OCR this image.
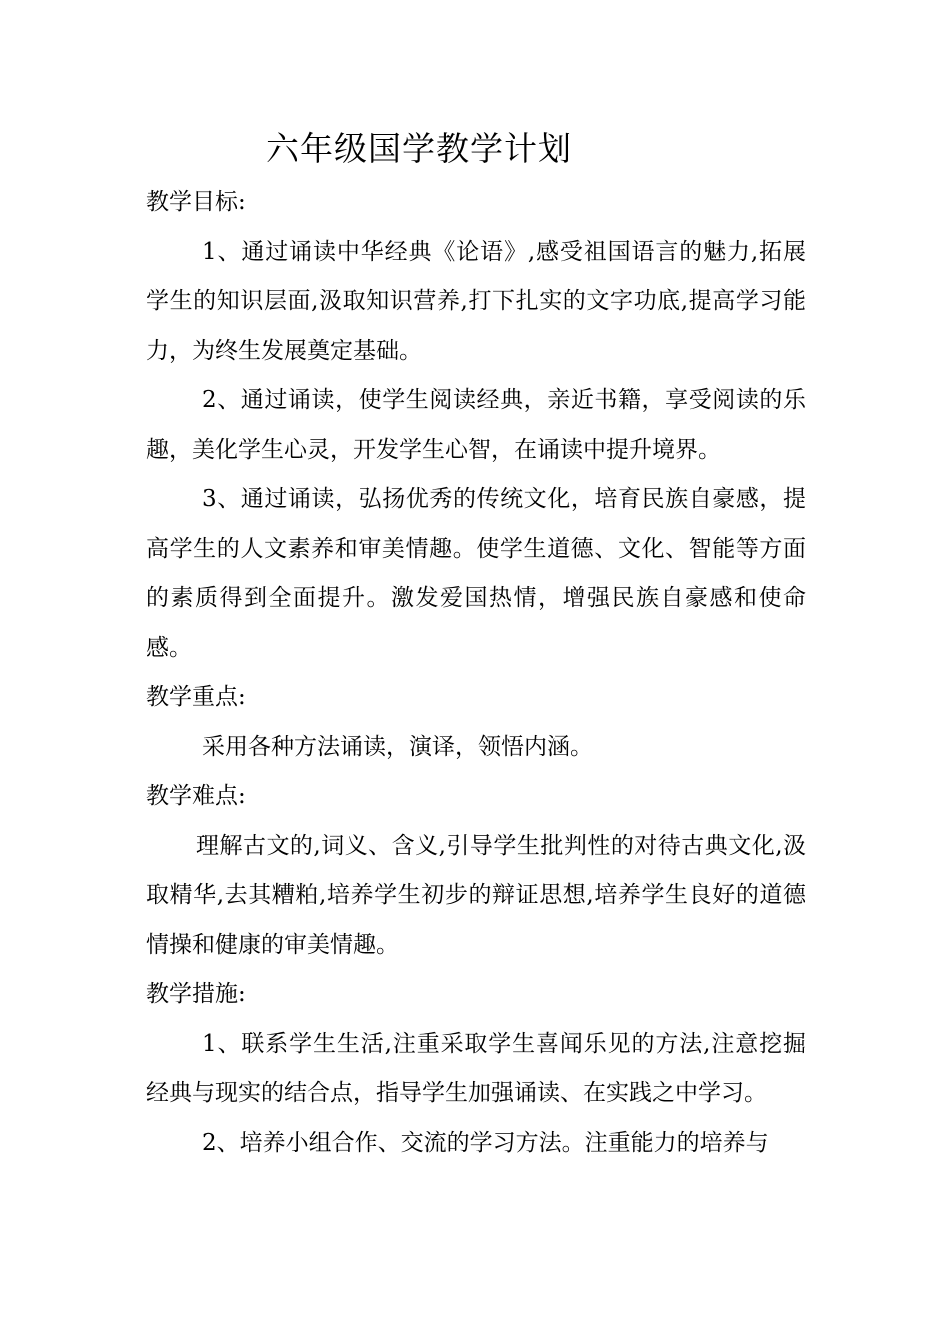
六年级国学教学计划

教学目标:

1、通过诵读中华经典《论语》,感受祖国语言的魅力,拓展学生的知识层面,汲取知识营养,打下扎实的文字功底,提高学习能力，为终生发展奠定基础。

2、通过诵读，使学生阅读经典，亲近书籍，享受阅读的乐趣，美化学生心灵，开发学生心智，在诵读中提升境界。

3、通过诵读，弘扬优秀的传统文化，培育民族自豪感，提高学生的人文素养和审美情趣。使学生道德、文化、智能等方面的素质得到全面提升。激发爱国热情，增强民族自豪感和使命感。

教学重点:

采用各种方法诵读，演译，领悟内涵。

教学难点:

理解古文的,词义、含义,引导学生批判性的对待古典文化,汲取精华,去其糟粕,培养学生初步的辩证思想,培养学生良好的道德情操和健康的审美情趣。

教学措施:

1、联系学生生活,注重采取学生喜闻乐见的方法,注意挖掘经典与现实的结合点，指导学生加强诵读、在实践之中学习。

2、培养小组合作、交流的学习方法。注重能力的培养与
